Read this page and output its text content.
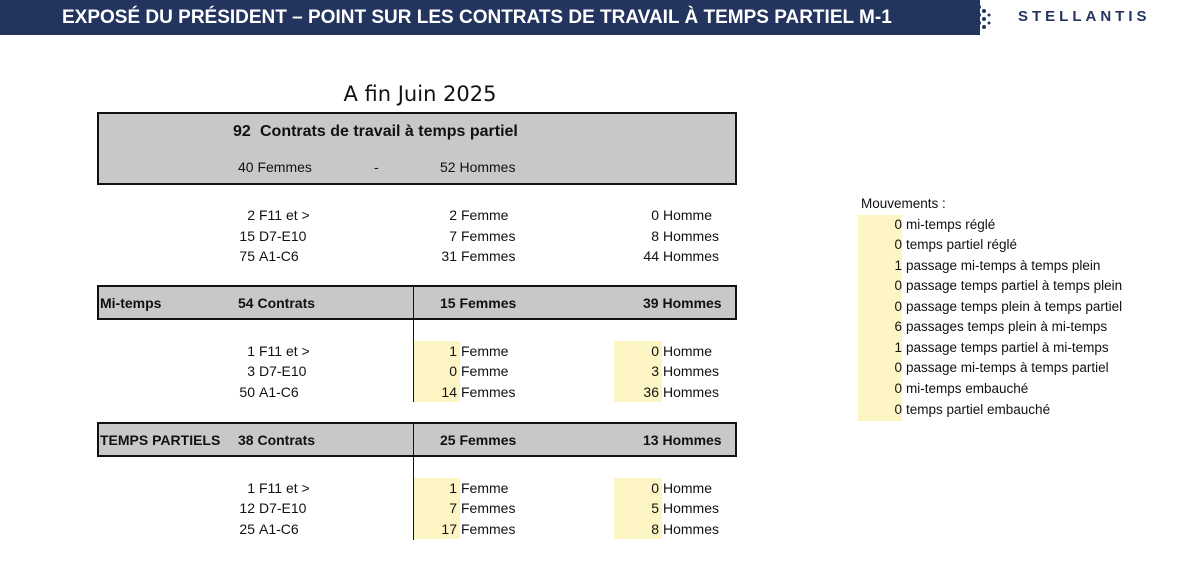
EXPOSÉ DU PRÉSIDENT – POINT SUR LES CONTRATS DE TRAVAIL À TEMPS PARTIEL M-1	STELLANTIS
A fin Juin 2025
92 Contrats de travail à temps partiel
40 Femmes	-	52 Hommes
2 F11 et >	2 Femme	0 Homme
15 D7-E10	7 Femmes	8 Hommes
75 A1-C6	31 Femmes	44 Hommes
Mi-temps	54 Contrats	15 Femmes	39 Hommes
1 F11 et >	1 Femme	0 Homme
3 D7-E10	0 Femme	3 Hommes
50 A1-C6	14 Femmes	36 Hommes
TEMPS PARTIELS 38 Contrats	25 Femmes	13 Hommes
1 F11 et >	1 Femme	0 Homme
12 D7-E10	7 Femmes	5 Hommes
25 A1-C6	17 Femmes	8 Hommes
Mouvements :
0 mi-temps réglé
0 temps partiel réglé
1 passage mi-temps à temps plein
0 passage temps partiel à temps plein
0 passage temps plein à temps partiel
6 passages temps plein à mi-temps
1 passage temps partiel à mi-temps
0 passage mi-temps à temps partiel
0 mi-temps embauché
0 temps partiel embauché
